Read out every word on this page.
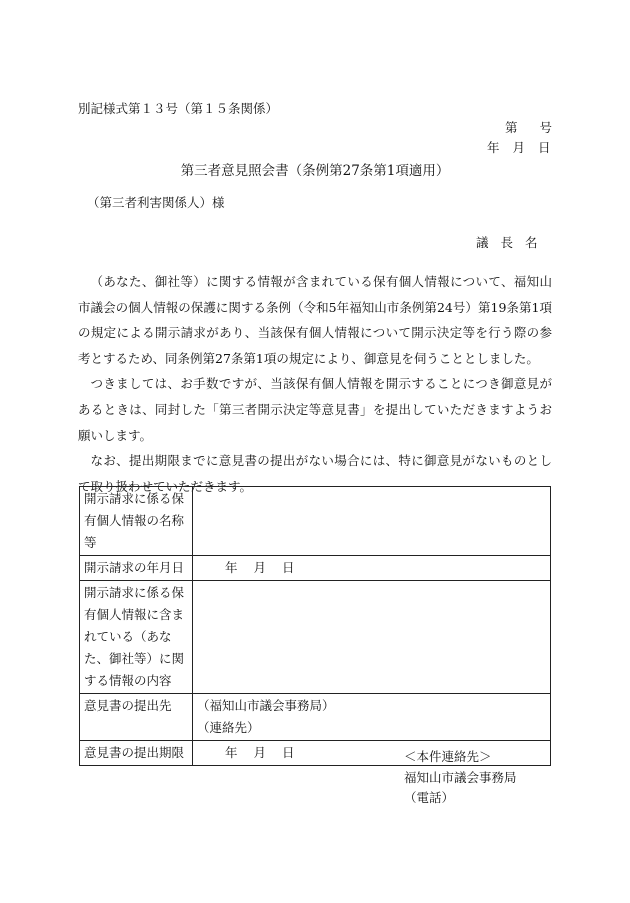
別記様式第１３号（第１５条関係）
第 号
年 月 日
第三者意見照会書（条例第27条第1項適用）
（第三者利害関係人）様
議長名

（あなた、御社等）に関する情報が含まれている保有個人情報について、福知山市議会の個人情報の保護に関する条例（令和5年福知山市条例第24号）第19条第1項の規定による開示請求があり、当該保有個人情報について開示決定等を行う際の参考とするため、同条例第27条第1項の規定により、御意見を伺うこととしました。

つきましては、お手数ですが、当該保有個人情報を開示することにつき御意見があるときは、同封した「第三者開示決定等意見書」を提出していただきますようお願いします。

なお、提出期限までに意見書の提出がない場合には、特に御意見がないものとして取り扱わせていただきます。

開示請求に係る保有個人情報の名称等	
開示請求の年月日	年 月 日
開示請求に係る保有個人情報に含まれている（あなた、御社等）に関する情報の内容	
意見書の提出先	（福知山市議会事務局）
（連絡先）

意見書の提出期限	年 月 日	＜本件連絡先＞
福知山市議会事務局
（電話）
